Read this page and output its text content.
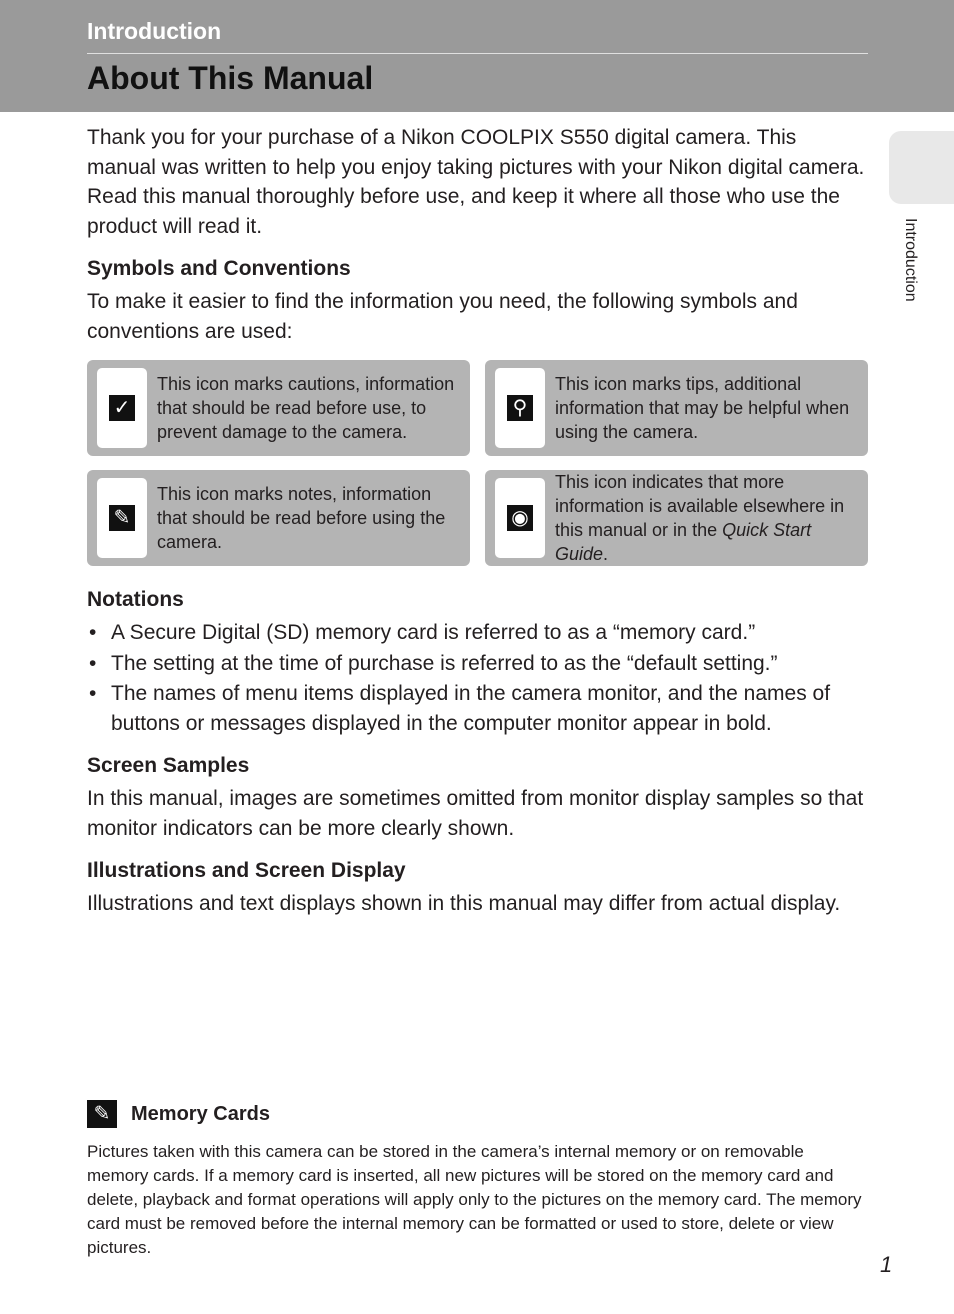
Introduction
About This Manual
Introduction

Thank you for your purchase of a Nikon COOLPIX S550 digital camera. This manual was written to help you enjoy taking pictures with your Nikon digital camera. Read this manual thoroughly before use, and keep it where all those who use the product will read it.

Symbols and Conventions

To make it easier to find the information you need, the following symbols and conventions are used:

✓
This icon marks cautions, information that should be read before use, to prevent damage to the camera.
⚲
This icon marks tips, additional information that may be helpful when using the camera.
✎
This icon marks notes, information that should be read before using the camera.
◉
This icon indicates that more information is available elsewhere in this manual or in the Quick Start Guide.
Notations
• A Secure Digital (SD) memory card is referred to as a “memory card.”
• The setting at the time of purchase is referred to as the “default setting.”
• The names of menu items displayed in the camera monitor, and the names of buttons or messages displayed in the computer monitor appear in bold.
Screen Samples

In this manual, images are sometimes omitted from monitor display samples so that monitor indicators can be more clearly shown.

Illustrations and Screen Display

Illustrations and text displays shown in this manual may differ from actual display.

✎	Memory Cards

Pictures taken with this camera can be stored in the camera’s internal memory or on removable memory cards. If a memory card is inserted, all new pictures will be stored on the memory card and delete, playback and format operations will apply only to the pictures on the memory card. The memory card must be removed before the internal memory can be formatted or used to store, delete or view pictures.

1
